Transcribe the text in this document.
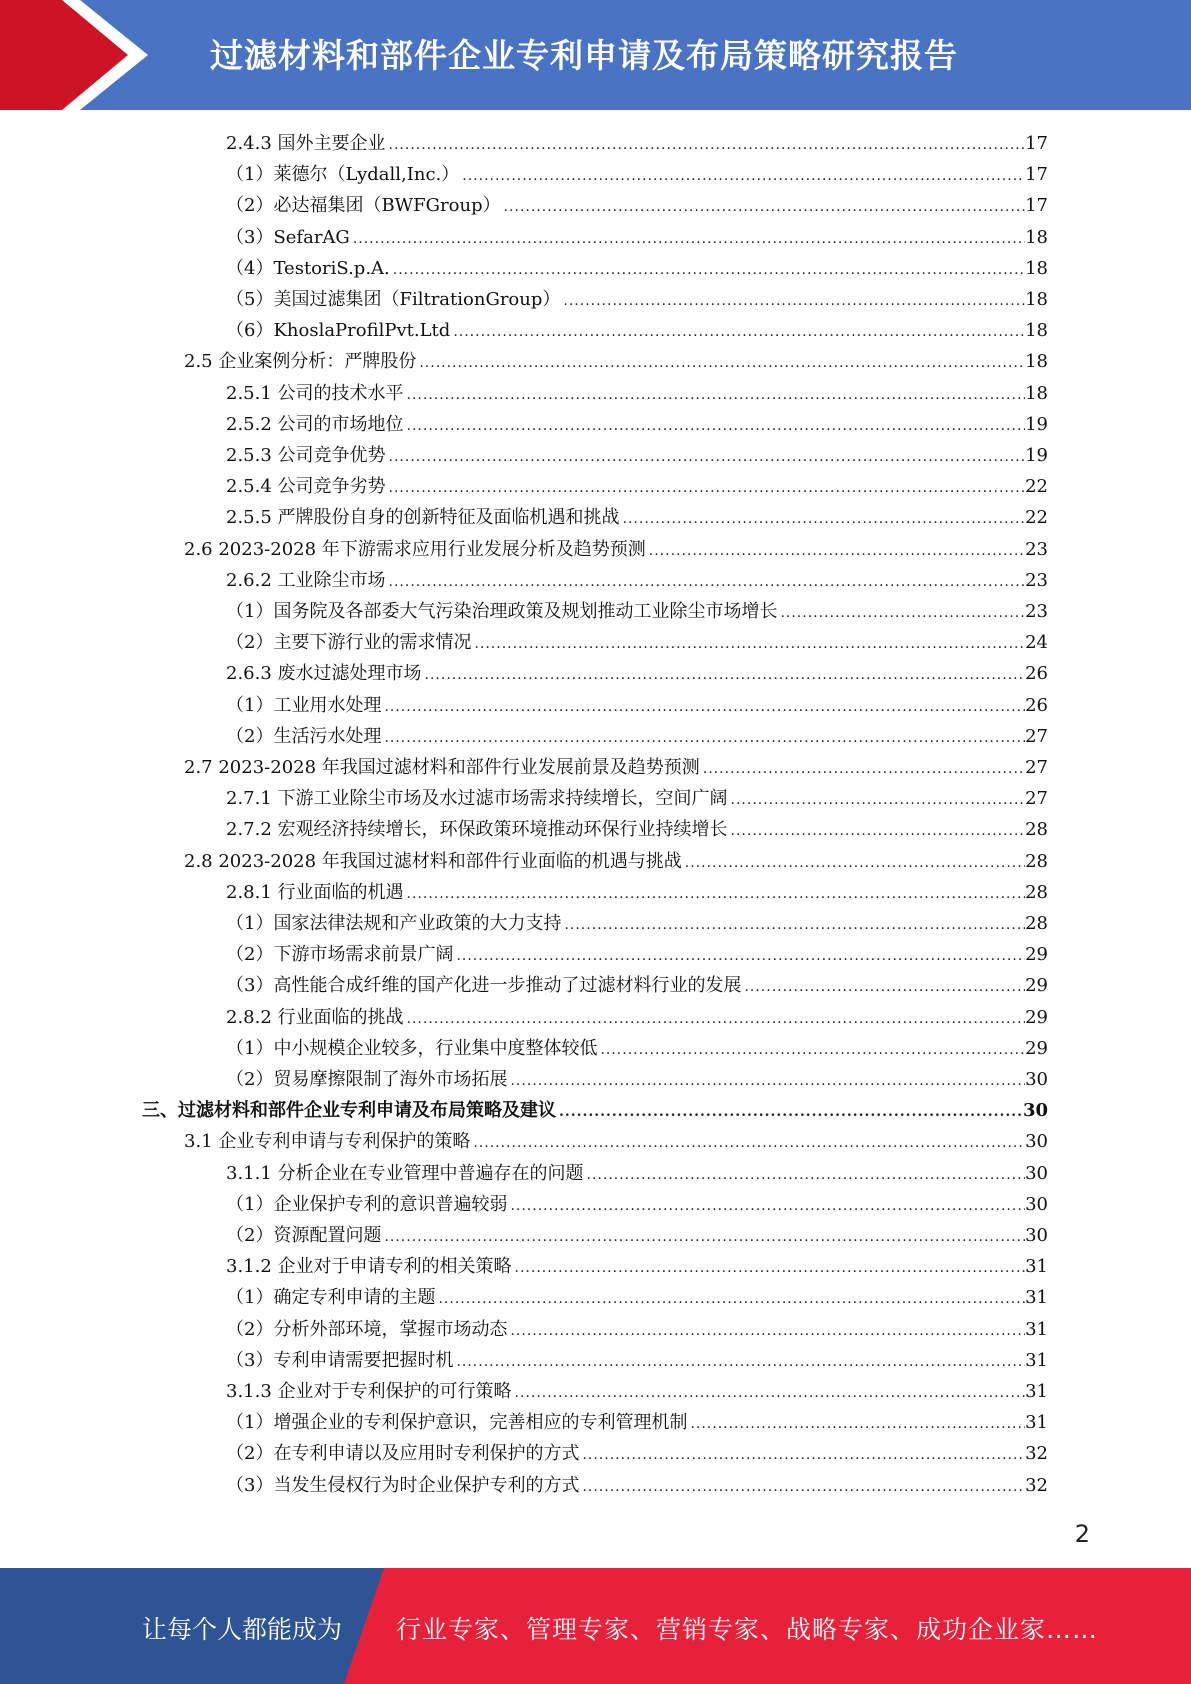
过滤材料和部件企业专利申请及布局策略研究报告
2.4.3 国外主要企业 .....	17
（1）莱德尔（Lydall,Inc.） .....	17
（2）必达福集团（BWFGroup） .....	17
（3）SefarAG .....	18
（4）TestoriS.p.A. .....	18
（5）美国过滤集团（FiltrationGroup） .....	18
（6）KhoslaProfilPvt.Ltd .....	18
2.5 企业案例分析：严牌股份 .....	18
2.5.1 公司的技术水平 .....	18
2.5.2 公司的市场地位 .....	19
2.5.3 公司竞争优势 .....	19
2.5.4 公司竞争劣势 .....	22
2.5.5 严牌股份自身的创新特征及面临机遇和挑战 .....	22
2.6 2023-2028 年下游需求应用行业发展分析及趋势预测 .....	23
2.6.2 工业除尘市场 .....	23
（1）国务院及各部委大气污染治理政策及规划推动工业除尘市场增长 .....	23
（2）主要下游行业的需求情况 .....	24
2.6.3 废水过滤处理市场 .....	26
（1）工业用水处理 .....	26
（2）生活污水处理 .....	27
2.7 2023-2028 年我国过滤材料和部件行业发展前景及趋势预测 .....	27
2.7.1 下游工业除尘市场及水过滤市场需求持续增长，空间广阔 .....	27
2.7.2 宏观经济持续增长，环保政策环境推动环保行业持续增长 .....	28
2.8 2023-2028 年我国过滤材料和部件行业面临的机遇与挑战 .....	28
2.8.1 行业面临的机遇 .....	28
（1）国家法律法规和产业政策的大力支持 .....	28
（2）下游市场需求前景广阔 .....	29
（3）高性能合成纤维的国产化进一步推动了过滤材料行业的发展 .....	29
2.8.2 行业面临的挑战 .....	29
（1）中小规模企业较多，行业集中度整体较低 .....	29
（2）贸易摩擦限制了海外市场拓展 .....	30
三、过滤材料和部件企业专利申请及布局策略及建议 .....	30
3.1 企业专利申请与专利保护的策略 .....	30
3.1.1 分析企业在专业管理中普遍存在的问题 .....	30
（1）企业保护专利的意识普遍较弱 .....	30
（2）资源配置问题 .....	30
3.1.2 企业对于申请专利的相关策略 .....	31
（1）确定专利申请的主题 .....	31
（2）分析外部环境，掌握市场动态 .....	31
（3）专利申请需要把握时机 .....	31
3.1.3 企业对于专利保护的可行策略 .....	31
（1）增强企业的专利保护意识，完善相应的专利管理机制 .....	31
（2）在专利申请以及应用时专利保护的方式 .....	32
（3）当发生侵权行为时企业保护专利的方式 .....	32
2
让每个人都能成为 行业专家、管理专家、营销专家、战略专家、成功企业家……
